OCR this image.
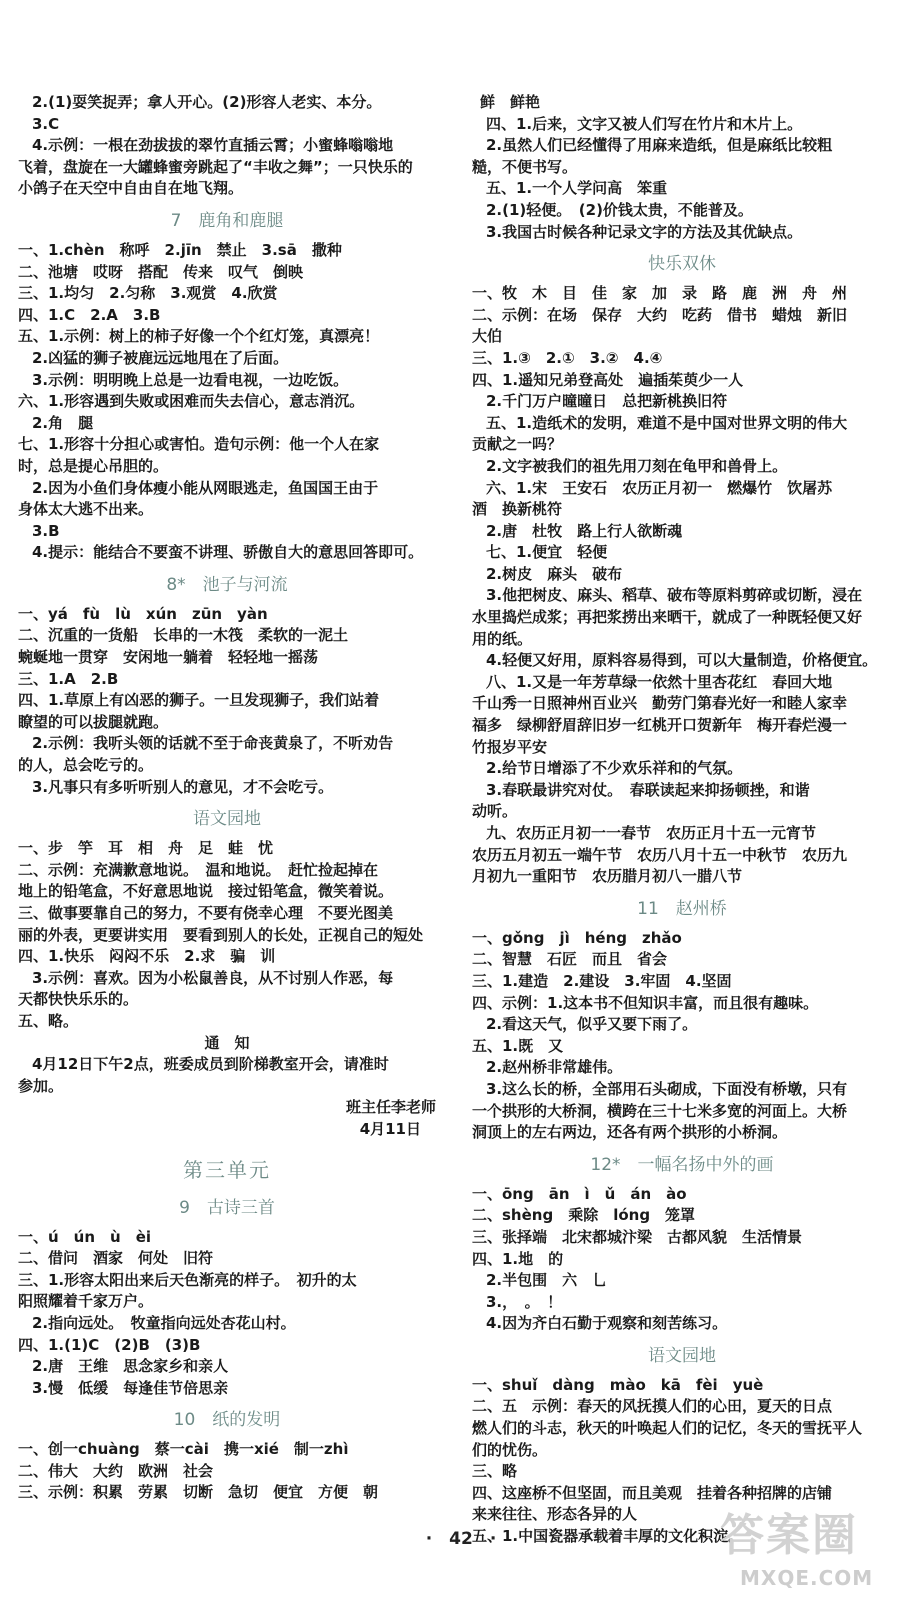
2.(1)耍笑捉弄；拿人开心。(2)形容人老实、本分。
3.C
4.示例：一根在劲拔拔的翠竹直插云霄；小蜜蜂嗡嗡地
飞着，盘旋在一大罐蜂蜜旁跳起了“丰收之舞”；一只快乐的
小鸽子在天空中自由自在地飞翔。
7　鹿角和鹿腿
一、1.chèn　称呼　2.jīn　禁止　3.sā　撒种
二、池塘　哎呀　搭配　传来　叹气　倒映
三、1.均匀　2.匀称　3.观赏　4.欣赏
四、1.C　2.A　3.B
五、1.示例：树上的柿子好像一个个红灯笼，真漂亮！
2.凶猛的狮子被鹿远远地甩在了后面。
3.示例：明明晚上总是一边看电视，一边吃饭。
六、1.形容遇到失败或困难而失去信心，意志消沉。
2.角　腿
七、1.形容十分担心或害怕。造句示例：他一个人在家
时，总是提心吊胆的。
2.因为小鱼们身体瘦小能从网眼逃走，鱼国国王由于
身体太大逃不出来。
3.B
4.提示：能结合不要蛮不讲理、骄傲自大的意思回答即可。
8*　池子与河流
一、yá　fù　lù　xún　zūn　yàn
二、沉重的一货船　长串的一木筏　柔软的一泥土
蜿蜒地一贯穿　安闲地一躺着　轻轻地一摇荡
三、1.A　2.B
四、1.草原上有凶恶的狮子。一旦发现狮子，我们站着
瞭望的可以拔腿就跑。
2.示例：我听头领的话就不至于命丧黄泉了，不听劝告
的人，总会吃亏的。
3.凡事只有多听听别人的意见，才不会吃亏。
语文园地
一、步　竽　耳　相　舟　足　蛙　忧
二、示例：充满歉意地说。　温和地说。　赶忙捡起掉在
地上的铅笔盒，不好意思地说　接过铅笔盒，微笑着说。
三、做事要靠自己的努力，不要有侥幸心理　不要光图美
丽的外表，更要讲实用　要看到别人的长处，正视自己的短处
四、1.快乐　闷闷不乐　2.求　骗　训
3.示例：喜欢。因为小松鼠善良，从不讨别人作恶，每
天都快快乐乐的。
五、略。
通　知
4月12日下午2点，班委成员到阶梯教室开会，请准时
参加。
班主任李老师
4月11日　
第三单元
9　古诗三首
一、ú　ún　ù　èi
二、借问　酒家　何处　旧符
三、1.形容太阳出来后天色渐亮的样子。　初升的太
阳照耀着千家万户。
2.指向远处。　牧童指向远处杏花山村。
四、1.(1)C　(2)B　(3)B
2.唐　王维　思念家乡和亲人
3.慢　低缓　每逢佳节倍思亲
10　纸的发明
一、创一chuàng　蔡一cài　携一xié　制一zhì
二、伟大　大约　欧洲　社会
三、示例：积累　劳累　切断　急切　便宜　方便　朝
鲜　鲜艳
四、1.后来，文字又被人们写在竹片和木片上。
2.虽然人们已经懂得了用麻来造纸，但是麻纸比较粗
糙，不便书写。
五、1.一个人学问高　笨重
2.(1)轻便。　(2)价钱太贵，不能普及。
3.我国古时候各种记录文字的方法及其优缺点。
快乐双休
一、牧　木　目　佳　家　加　录　路　鹿　洲　舟　州
二、示例：在场　保存　大约　吃药　借书　蜡烛　新旧
大伯
三、1.③　2.①　3.②　4.④
四、1.遥知兄弟登高处　遍插茱萸少一人
2.千门万户曈曈日　总把新桃换旧符
五、1.造纸术的发明，难道不是中国对世界文明的伟大
贡献之一吗？
2.文字被我们的祖先用刀刻在龟甲和兽骨上。
六、1.宋　王安石　农历正月初一　燃爆竹　饮屠苏
酒　换新桃符
2.唐　杜牧　路上行人欲断魂
七、1.便宜　轻便
2.树皮　麻头　破布
3.他把树皮、麻头、稻草、破布等原料剪碎或切断，浸在
水里捣烂成浆；再把浆捞出来晒干，就成了一种既轻便又好
用的纸。
4.轻便又好用，原料容易得到，可以大量制造，价格便宜。
八、1.又是一年芳草绿一依然十里杏花红　春回大地
千山秀一日照神州百业兴　勤劳门第春光好一和睦人家幸
福多　绿柳舒眉辞旧岁一红桃开口贺新年　梅开春烂漫一
竹报岁平安
2.给节日增添了不少欢乐祥和的气氛。
3.春联最讲究对仗。　春联读起来抑扬顿挫，和谐
动听。
九、农历正月初一一春节　农历正月十五一元宵节
农历五月初五一端午节　农历八月十五一中秋节　农历九
月初九一重阳节　农历腊月初八一腊八节
11　赵州桥
一、gǒng　jì　héng　zhǎo
二、智慧　石匠　而且　省会
三、1.建造　2.建设　3.牢固　4.坚固
四、示例：1.这本书不但知识丰富，而且很有趣味。
2.看这天气，似乎又要下雨了。
五、1.既　又
2.赵州桥非常雄伟。
3.这么长的桥，全部用石头砌成，下面没有桥墩，只有
一个拱形的大桥洞，横跨在三十七米多宽的河面上。大桥
洞顶上的左右两边，还各有两个拱形的小桥洞。
12*　一幅名扬中外的画
一、ōng　ān　ì　ǔ　án　ào
二、shèng　乘除　lóng　笼罩
三、张择端　北宋都城汴梁　古都风貌　生活情景
四、1.地　的
2.半包围　六　乚
3.，　。　！
4.因为齐白石勤于观察和刻苦练习。
语文园地
一、shuǐ　dàng　mào　kā　fèi　yuè
二、五　示例：春天的风抚摸人们的心田，夏天的日点
燃人们的斗志，秋天的叶唤起人们的记忆，冬天的雪抚平人
们的忧伤。
三、略
四、这座桥不但坚固，而且美观　挂着各种招牌的店铺
来来往往、形态各异的人
五、1.中国瓷器承载着丰厚的文化积淀。
·　42　·	答案圈
MXQE.COM
